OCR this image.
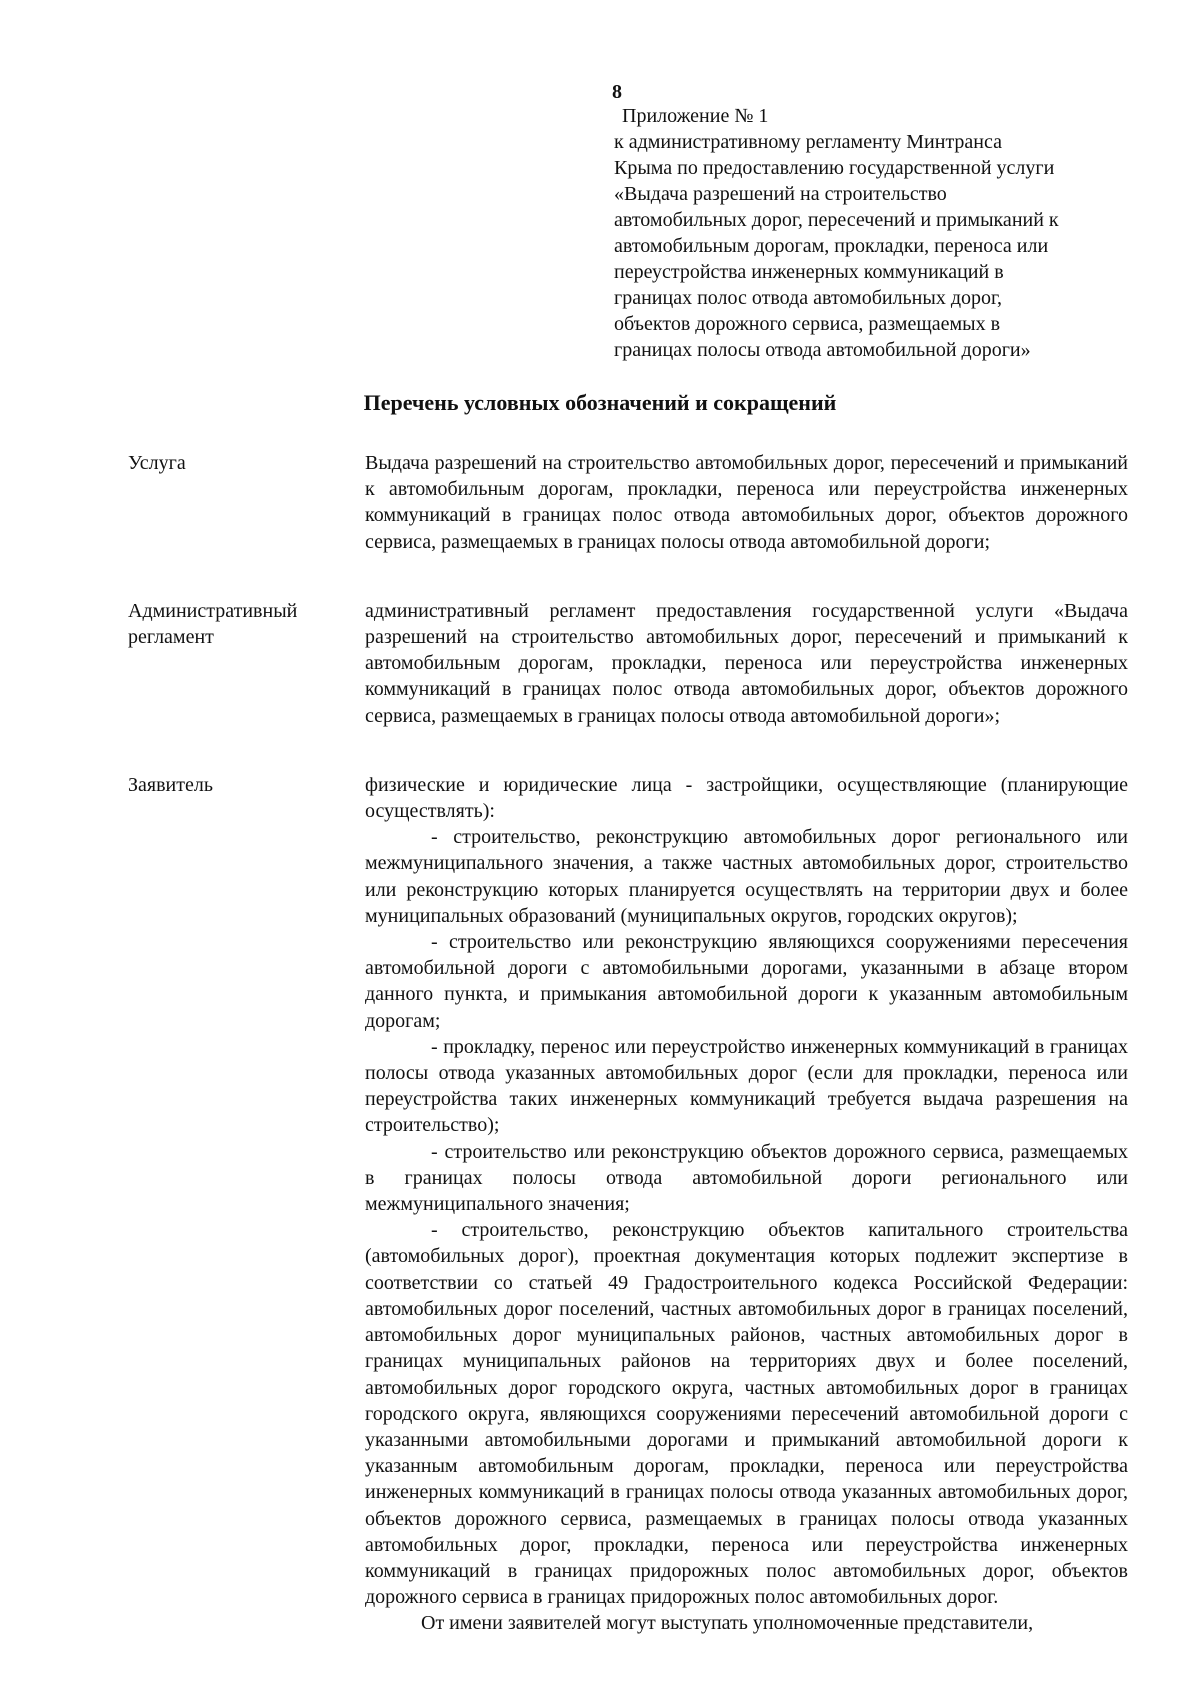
8
Приложение № 1
к административному регламенту Минтранса
Крыма по предоставлению государственной услуги
«Выдача разрешений на строительство
автомобильных дорог, пересечений и примыканий к
автомобильным дорогам, прокладки, переноса или
переустройства инженерных коммуникаций в
границах полос отвода автомобильных дорог,
объектов дорожного сервиса, размещаемых в
границах полосы отвода автомобильной дороги»
Перечень условных обозначений и сокращений
Услуга	Выдача разрешений на строительство автомобильных дорог, пересечений и примыканий к автомобильным дорогам, прокладки, переноса или переустройства инженерных коммуникаций в границах полос отвода автомобильных дорог, объектов дорожного сервиса, размещаемых в границах полосы отвода автомобильной дороги;

Административный регламент

административный регламент предоставления государственной услуги «Выдача разрешений на строительство автомобильных дорог, пересечений и примыканий к автомобильным дорогам, прокладки, переноса или переустройства инженерных коммуникаций в границах полос отвода автомобильных дорог, объектов дорожного сервиса, размещаемых в границах полосы отвода автомобильной дороги»;

Заявитель	физические и юридические лица - застройщики, осуществляющие (планирующие осуществлять):

- строительство, реконструкцию автомобильных дорог регионального или межмуниципального значения, а также частных автомобильных дорог, строительство или реконструкцию которых планируется осуществлять на территории двух и более муниципальных образований (муниципальных округов, городских округов);

- строительство или реконструкцию являющихся сооружениями пересечения автомобильной дороги с автомобильными дорогами, указанными в абзаце втором данного пункта, и примыкания автомобильной дороги к указанным автомобильным дорогам;

- прокладку, перенос или переустройство инженерных коммуникаций в границах полосы отвода указанных автомобильных дорог (если для прокладки, переноса или переустройства таких инженерных коммуникаций требуется выдача разрешения на строительство);

- строительство или реконструкцию объектов дорожного сервиса, размещаемых в границах полосы отвода автомобильной дороги регионального или межмуниципального значения;

- строительство, реконструкцию объектов капитального строительства (автомобильных дорог), проектная документация которых подлежит экспертизе в соответствии со статьей 49 Градостроительного кодекса Российской Федерации: автомобильных дорог поселений, частных автомобильных дорог в границах поселений, автомобильных дорог муниципальных районов, частных автомобильных дорог в границах муниципальных районов на территориях двух и более поселений, автомобильных дорог городского округа, частных автомобильных дорог в границах городского округа, являющихся сооружениями пересечений автомобильной дороги с указанными автомобильными дорогами и примыканий автомобильной дороги к указанным автомобильным дорогам, прокладки, переноса или переустройства инженерных коммуникаций в границах полосы отвода указанных автомобильных дорог, объектов дорожного сервиса, размещаемых в границах полосы отвода указанных автомобильных дорог, прокладки, переноса или переустройства инженерных коммуникаций в границах придорожных полос автомобильных дорог, объектов дорожного сервиса в границах придорожных полос автомобильных дорог.

От имени заявителей могут выступать уполномоченные представители,
